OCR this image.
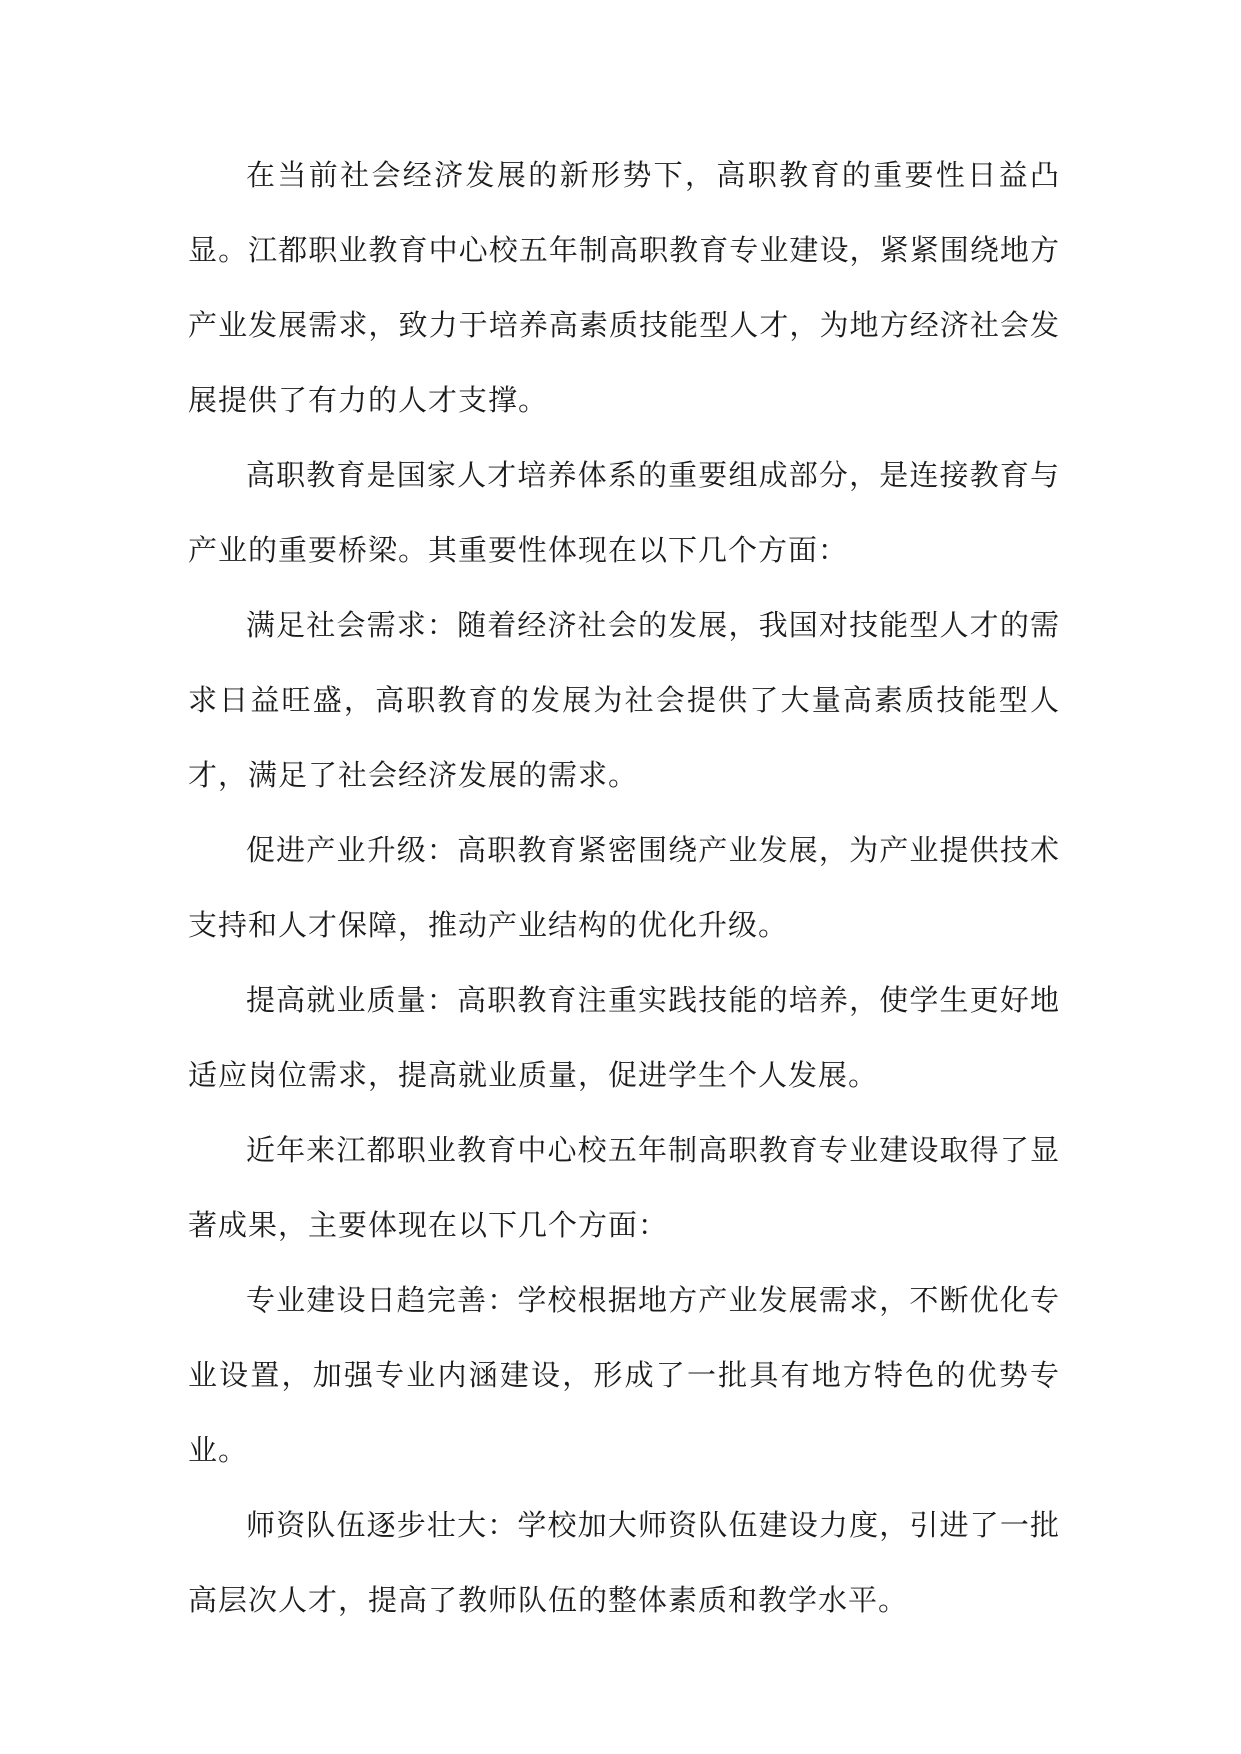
在当前社会经济发展的新形势下，高职教育的重要性日益凸显。江都职业教育中心校五年制高职教育专业建设，紧紧围绕地方产业发展需求，致力于培养高素质技能型人才，为地方经济社会发展提供了有力的人才支撑。

高职教育是国家人才培养体系的重要组成部分，是连接教育与产业的重要桥梁。其重要性体现在以下几个方面：

满足社会需求：随着经济社会的发展，我国对技能型人才的需求日益旺盛，高职教育的发展为社会提供了大量高素质技能型人才，满足了社会经济发展的需求。

促进产业升级：高职教育紧密围绕产业发展，为产业提供技术支持和人才保障，推动产业结构的优化升级。

提高就业质量：高职教育注重实践技能的培养，使学生更好地适应岗位需求，提高就业质量，促进学生个人发展。

近年来江都职业教育中心校五年制高职教育专业建设取得了显著成果，主要体现在以下几个方面：

专业建设日趋完善：学校根据地方产业发展需求，不断优化专业设置，加强专业内涵建设，形成了一批具有地方特色的优势专业。

师资队伍逐步壮大：学校加大师资队伍建设力度，引进了一批高层次人才，提高了教师队伍的整体素质和教学水平。
